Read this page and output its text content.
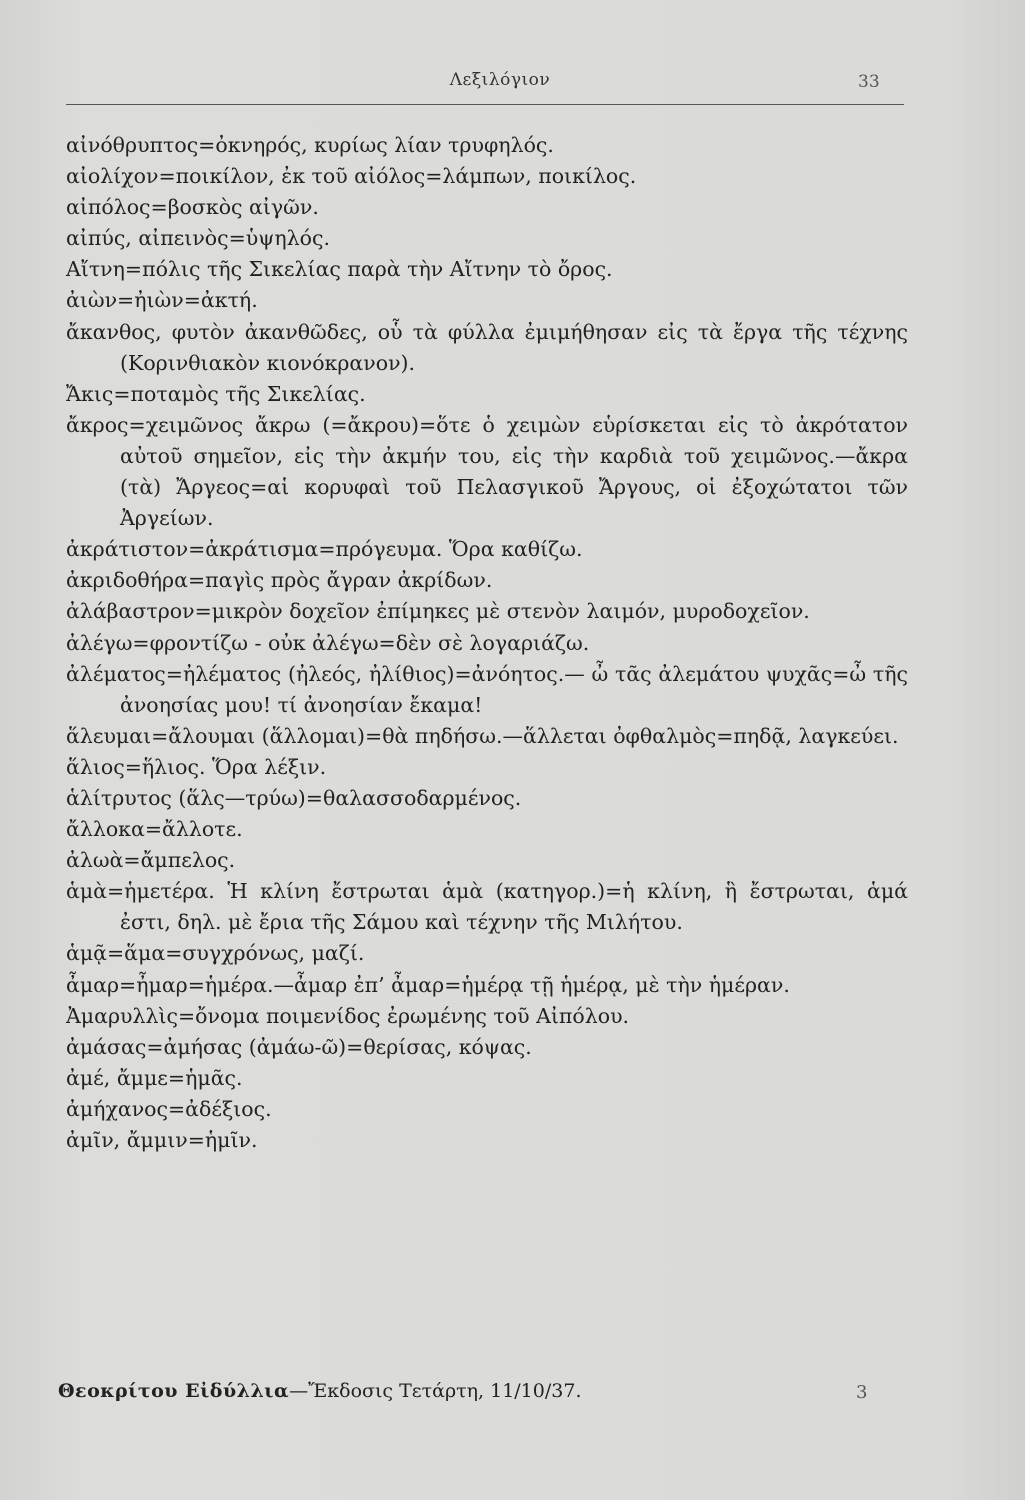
Λεξιλόγιον	33
αἰνόθρυπτος=ὀκνηρός, κυρίως λίαν τρυφηλός.
αἰολίχον=ποικίλον, ἐκ τοῦ αἰόλος=λάμπων, ποικίλος.
αἰπόλος=βοσκὸς αἰγῶν.
αἰπύς, αἰπεινὸς=ὑψηλός.
Αἴτνη=πόλις τῆς Σικελίας παρὰ τὴν Αἴτνην τὸ ὄρος.
ἀιὼν=ἠιὼν=ἀκτή.
ἄκανθος, φυτὸν ἀκανθῶδες, οὗ τὰ φύλλα ἐμιμήθησαν εἰς τὰ ἔργα τῆς τέχνης (Κορινθιακὸν κιονόκρανον).
Ἄκις=ποταμὸς τῆς Σικελίας.
ἄκρος=χειμῶνος ἄκρω (=ἄκρου)=ὅτε ὁ χειμὼν εὑρίσκεται εἰς τὸ ἀκρότατον αὐτοῦ σημεῖον, εἰς τὴν ἀκμήν του, εἰς τὴν καρδιὰ τοῦ χειμῶνος.—ἄκρα (τὰ) Ἄργεος=αἱ κορυφαὶ τοῦ Πελασγικοῦ Ἄργους, οἱ ἐξοχώτατοι τῶν Ἀργείων.
ἀκράτιστον=ἀκράτισμα=πρόγευμα. Ὅρα καθίζω.
ἀκριδοθήρα=παγὶς πρὸς ἄγραν ἀκρίδων.
ἀλάβαστρον=μικρὸν δοχεῖον ἐπίμηκες μὲ στενὸν λαιμόν, μυροδοχεῖον.
ἀλέγω=φροντίζω - οὐκ ἀλέγω=δὲν σὲ λογαριάζω.
ἀλέματος=ἠλέματος (ἠλεός, ἠλίθιος)=ἀνόητος.— ὦ τᾶς ἀλεμάτου ψυχᾶς=ὦ τῆς ἀνοησίας μου! τί ἀνοησίαν ἔκαμα!
ἅλευμαι=ἄλουμαι (ἅλλομαι)=θὰ πηδήσω.—ἅλλεται ὀφθαλμὸς=πηδᾷ, λαγκεύει.
ἅλιος=ἥλιος. Ὅρα λέξιν.
ἁλίτρυτος (ἅλς—τρύω)=θαλασσοδαρμένος.
ἄλλοκα=ἄλλοτε.
ἀλωὰ=ἄμπελος.
ἁμὰ=ἡμετέρα. Ἡ κλίνη ἔστρωται ἁμὰ (κατηγορ.)=ἡ κλίνη, ἣ ἔστρωται, ἁμά ἐστι, δηλ. μὲ ἔρια τῆς Σάμου καὶ τέχνην τῆς Μιλήτου.
ἁμᾷ=ἅμα=συγχρόνως, μαζί.
ἆμαρ=ἦμαρ=ἡμέρα.—ἆμαρ ἐπ’ ἆμαρ=ἡμέρᾳ τῇ ἡμέρᾳ, μὲ τὴν ἡμέραν.
Ἀμαρυλλὶς=ὄνομα ποιμενίδος ἐρωμένης τοῦ Αἰπόλου.
ἀμάσας=ἀμήσας (ἀμάω-ῶ)=θερίσας, κόψας.
ἀμέ, ἄμμε=ἡμᾶς.
ἀμήχανος=ἀδέξιος.
ἀμῖν, ἄμμιν=ἡμῖν.
Θεοκρίτου Εἰδύλλια—Ἔκδοσις Τετάρτη, 11/10/37.	3
